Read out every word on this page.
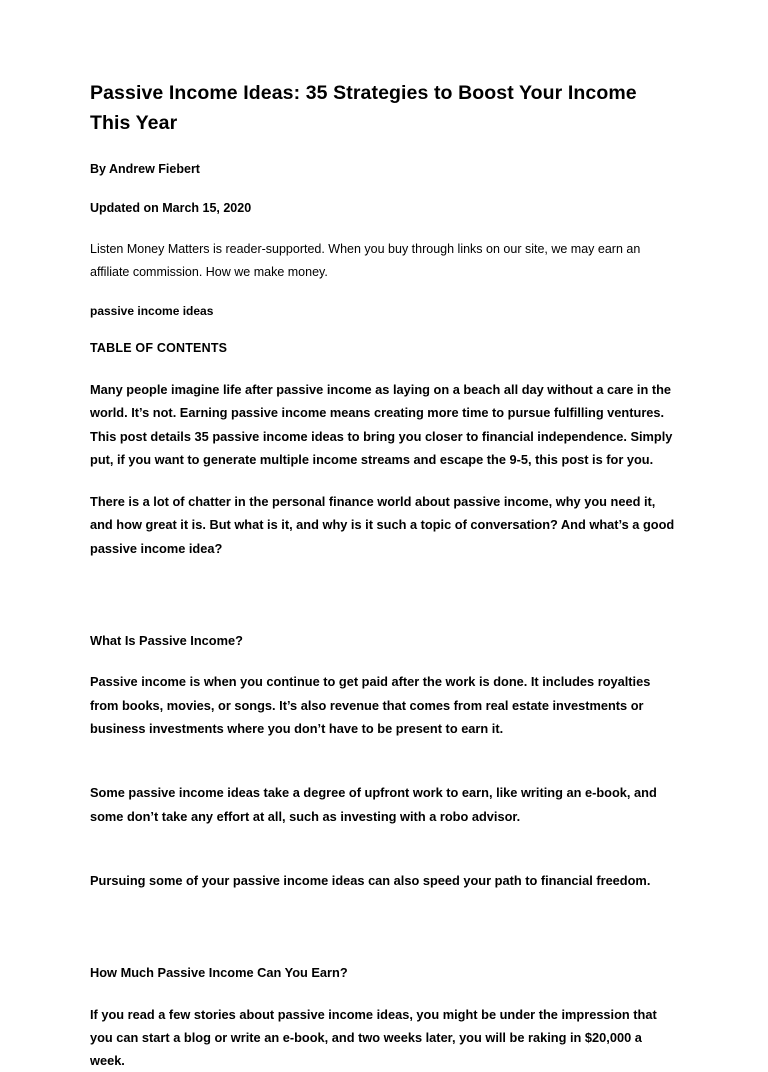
Passive Income Ideas: 35 Strategies to Boost Your Income This Year
By Andrew Fiebert
Updated on March 15, 2020

Listen Money Matters is reader-supported. When you buy through links on our site, we may earn an affiliate commission. How we make money.

passive income ideas
TABLE OF CONTENTS

Many people imagine life after passive income as laying on a beach all day without a care in the world. It’s not. Earning passive income means creating more time to pursue fulfilling ventures. This post details 35 passive income ideas to bring you closer to financial independence. Simply put, if you want to generate multiple income streams and escape the 9-5, this post is for you.

There is a lot of chatter in the personal finance world about passive income, why you need it, and how great it is. But what is it, and why is it such a topic of conversation? And what’s a good passive income idea?

What Is Passive Income?

Passive income is when you continue to get paid after the work is done. It includes royalties from books, movies, or songs. It’s also revenue that comes from real estate investments or business investments where you don’t have to be present to earn it.

Some passive income ideas take a degree of upfront work to earn, like writing an e-book, and some don’t take any effort at all, such as investing with a robo advisor.

Pursuing some of your passive income ideas can also speed your path to financial freedom.

How Much Passive Income Can You Earn?

If you read a few stories about passive income ideas, you might be under the impression that you can start a blog or write an e-book, and two weeks later, you will be raking in $20,000 a week.
